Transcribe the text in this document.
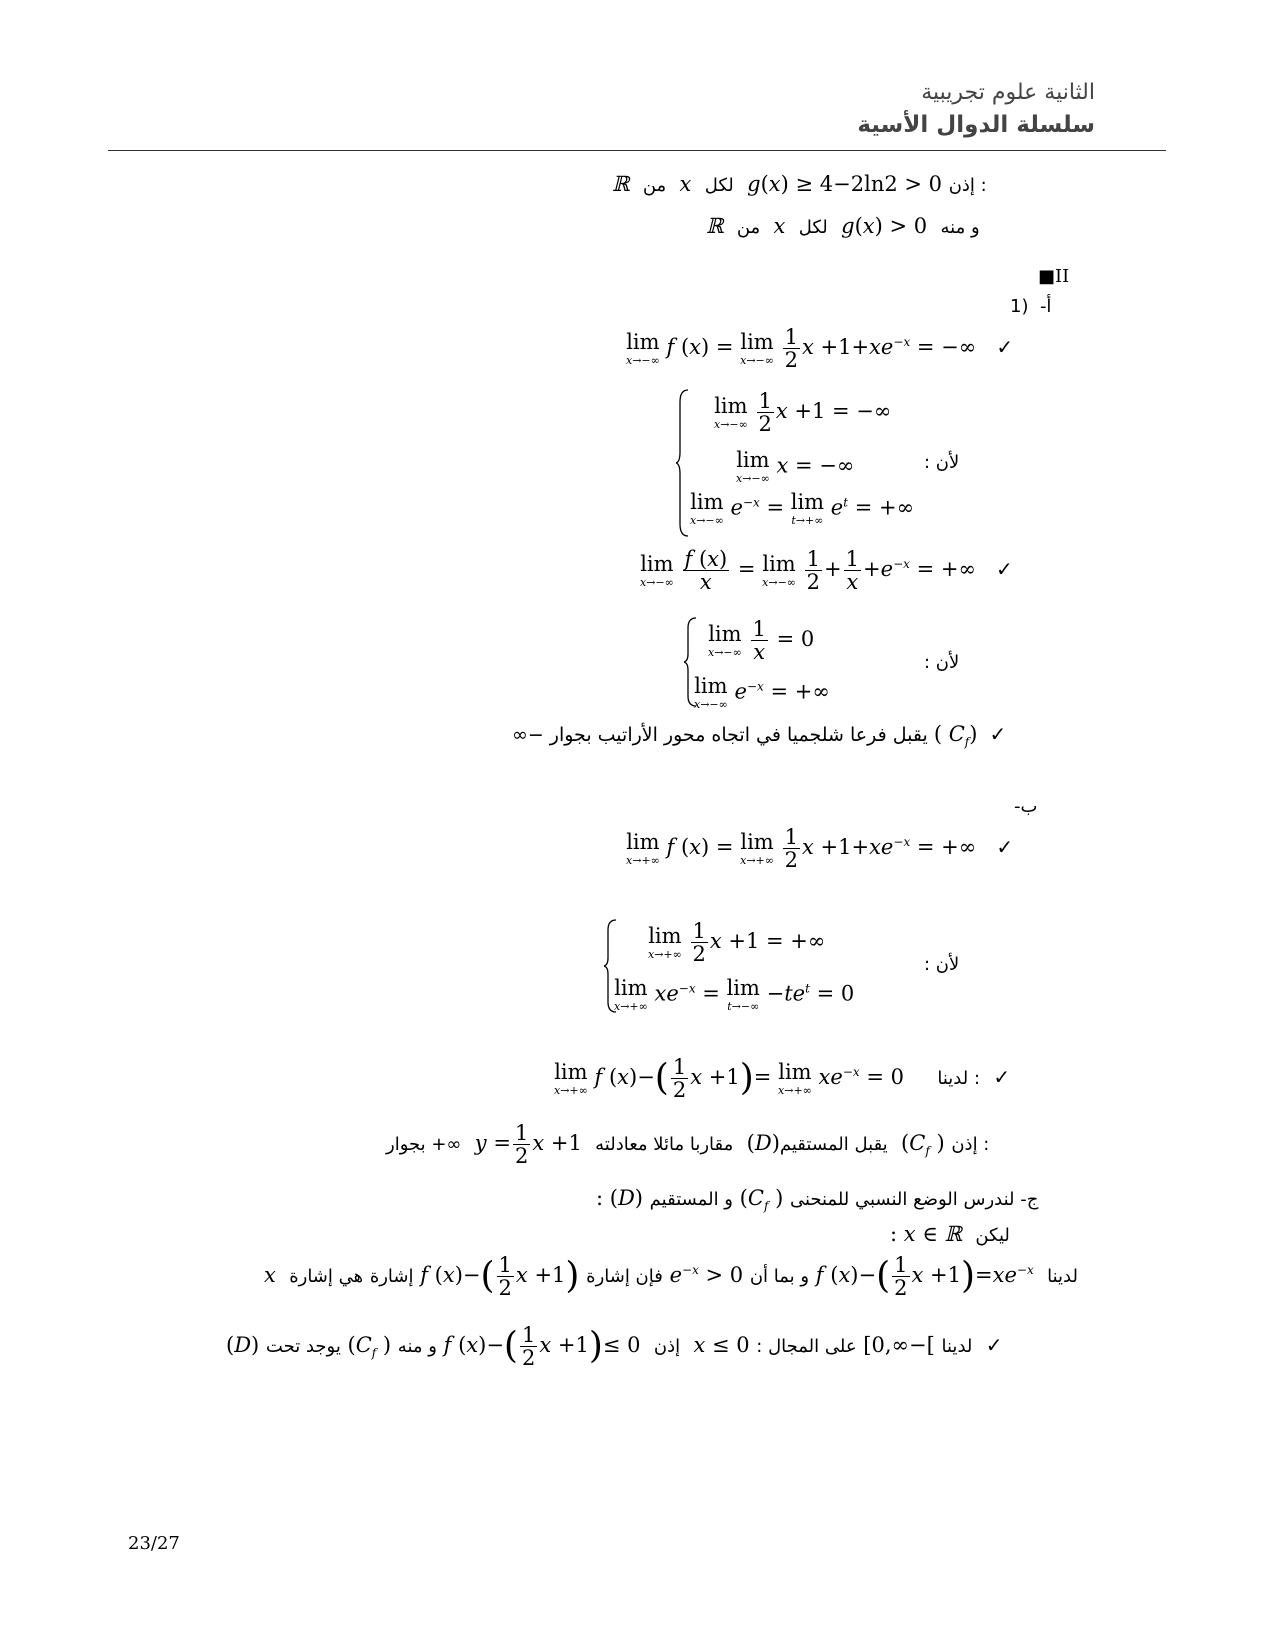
الثانية علوم تجريبية
سلسلة الدوال الأسية
ℝ من x لكل g(x) ≥ 4−2ln2 > 0 إذن :
ℝ من x لكل g(x) > 0  و منه
■II
أ-  (1
lim
x→−∞
f (x) = lim
x→−∞
$\frac{1}{2}$ $x +1+xe^{-x}$ = −∞ ✓
lim
x→−∞
$\frac{1}{2}$ x +1 = −∞
lim
x→−∞
x = −∞	لأن :
lim
x→−∞
$e^{-x} = \lim$
t→+∞
$e^t$ = +∞
lim
x→−∞
$\frac{f (x)}{x} = \lim$
x→−∞
$\frac{1}{2} + \frac{1}{x} +e^{-x}$ = +∞ ✓
lim
x→−∞
$\frac{1}{x} = 0$
لأن :
lim
x→−∞
$e^{-x}$ = +∞
✓  ($C_f$ ) يقبل فرعا شلجميا في اتجاه محور الأراتيب بجوار −∞
ب-
lim
x→+∞
f (x) = lim
x→+∞
$\frac{1}{2}$ $x +1+xe^{-x}$ = +∞ ✓
lim
x→+∞
$\frac{1}{2}$ x +1 = +∞
لأن :
lim
x→+∞
$xe^{-x} = \lim$
t→−∞
$-te^t = 0$
lim
x→+∞
f $(x)-( \frac{1}{2}$ x +1)= lim
x→+∞
$xe^{-x} = 0$ لدينا : ✓
بجوار +∞ $y = \frac{1}{2}$ x +1  مقاربا مائلا معادلته  (D)يقبل المستقيم  ($C_f$ ) إذن :
: (D) و المستقيم ($C_f$ ) ج- لندرس الوضع النسبي للمنحنى
: x ∈ ℝ ليكن
x	إشارة هي إشارة	f $(x)-( \frac{1}{2}$ x +1) فإن إشارة $e^{-x} > 0$ و بما أن f $(x)-( \frac{1}{2}$ $x +1)=xe^{-x}$ لدينا
(D) يوجد تحت ($C_f$ ) و منه f $(x)-( \frac{1}{2}$ x +1)≤ 0  إذن x ≤ 0 : لدينا ]−∞,0] على المجال	✓
23/27
